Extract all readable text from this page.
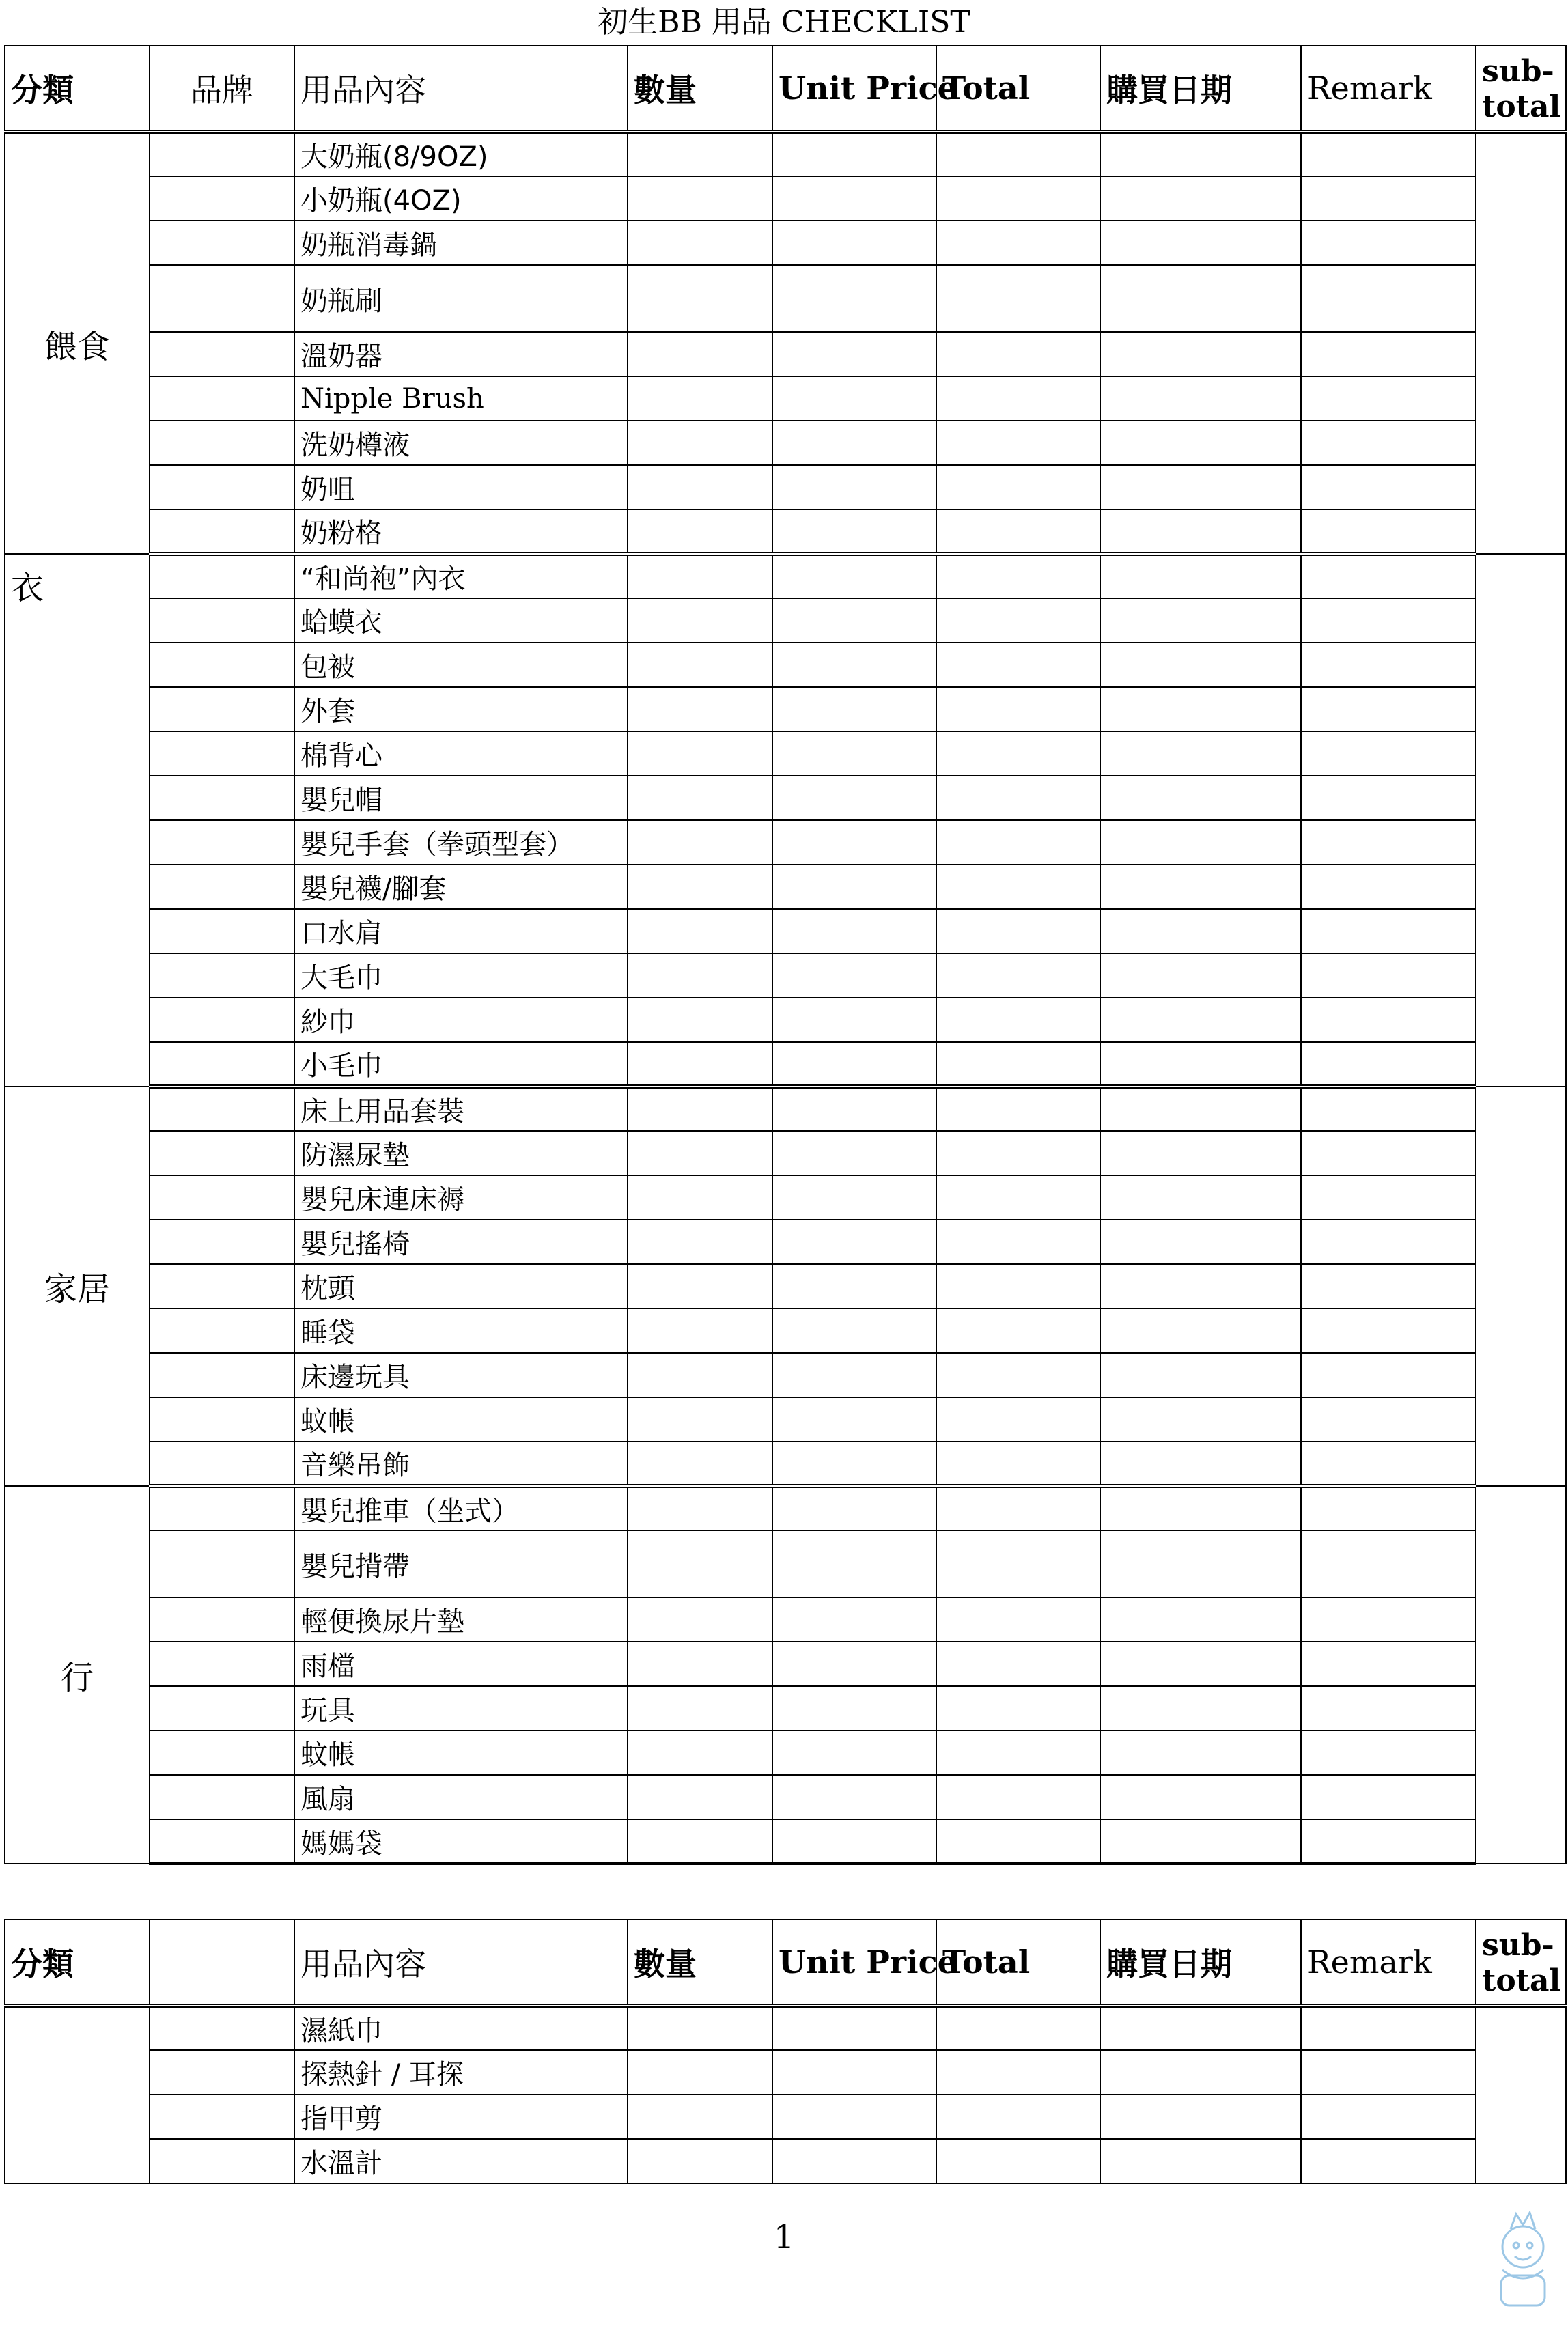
初生BB 用品 CHECKLIST
分類	品牌	用品內容	數量	Unit Price	Total	購買日期	Remark	sub-
total
餵食		大奶瓶(8/9OZ)						
		小奶瓶(4OZ)						
		奶瓶消毒鍋						
		奶瓶刷						
		溫奶器						
		Nipple Brush						
		洗奶樽液						
		奶咀						
		奶粉格						
衣		“和尚袍”內衣						
		蛤蟆衣						
		包被						
		外套						
		棉背心						
		嬰兒帽						
		嬰兒手套（拳頭型套）						
		嬰兒襪/腳套						
		口水肩						
		大毛巾						
		紗巾						
		小毛巾						
家居		床上用品套裝						
		防濕尿墊						
		嬰兒床連床褥						
		嬰兒搖椅						
		枕頭						
		睡袋						
		床邊玩具						
		蚊帳						
		音樂吊飾						
行		嬰兒推車（坐式）						
		嬰兒揹帶						
		輕便換尿片墊						
		雨檔						
		玩具						
		蚊帳						
		風扇						
		媽媽袋						
分類		用品內容	數量	Unit Price	Total	購買日期	Remark	sub-
total
		濕紙巾						
		探熱針 / 耳探						
		指甲剪						
		水溫計						
1
